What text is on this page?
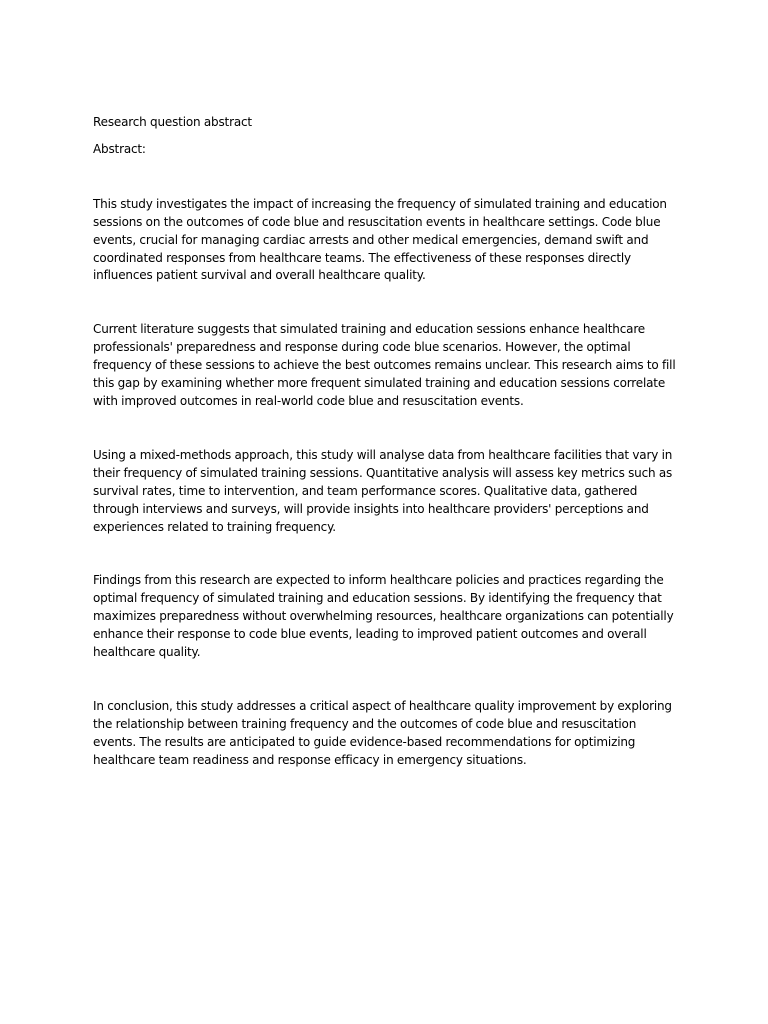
Research question abstract

Abstract:

This study investigates the impact of increasing the frequency of simulated training and education sessions on the outcomes of code blue and resuscitation events in healthcare settings. Code blue events, crucial for managing cardiac arrests and other medical emergencies, demand swift and coordinated responses from healthcare teams. The effectiveness of these responses directly influences patient survival and overall healthcare quality.

Current literature suggests that simulated training and education sessions enhance healthcare professionals' preparedness and response during code blue scenarios. However, the optimal frequency of these sessions to achieve the best outcomes remains unclear. This research aims to fill this gap by examining whether more frequent simulated training and education sessions correlate with improved outcomes in real-world code blue and resuscitation events.

Using a mixed-methods approach, this study will analyse data from healthcare facilities that vary in their frequency of simulated training sessions. Quantitative analysis will assess key metrics such as survival rates, time to intervention, and team performance scores. Qualitative data, gathered through interviews and surveys, will provide insights into healthcare providers' perceptions and experiences related to training frequency.

Findings from this research are expected to inform healthcare policies and practices regarding the optimal frequency of simulated training and education sessions. By identifying the frequency that maximizes preparedness without overwhelming resources, healthcare organizations can potentially enhance their response to code blue events, leading to improved patient outcomes and overall healthcare quality.

In conclusion, this study addresses a critical aspect of healthcare quality improvement by exploring the relationship between training frequency and the outcomes of code blue and resuscitation events. The results are anticipated to guide evidence-based recommendations for optimizing healthcare team readiness and response efficacy in emergency situations.
